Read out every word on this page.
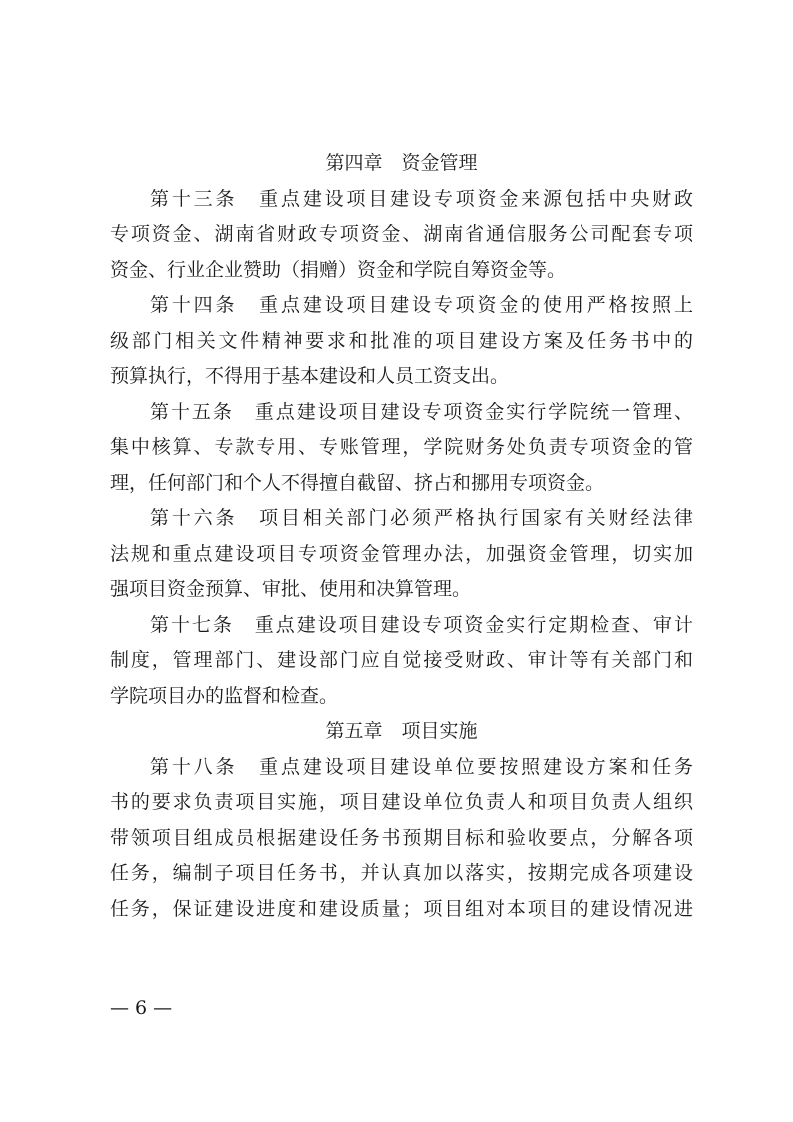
第四章　资金管理
第十三条　重点建设项目建设专项资金来源包括中央财政
专项资金、湖南省财政专项资金、湖南省通信服务公司配套专项
资金、行业企业赞助（捐赠）资金和学院自筹资金等。
第十四条　重点建设项目建设专项资金的使用严格按照上
级部门相关文件精神要求和批准的项目建设方案及任务书中的
预算执行，不得用于基本建设和人员工资支出。
第十五条　重点建设项目建设专项资金实行学院统一管理、
集中核算、专款专用、专账管理，学院财务处负责专项资金的管
理，任何部门和个人不得擅自截留、挤占和挪用专项资金。
第十六条　项目相关部门必须严格执行国家有关财经法律
法规和重点建设项目专项资金管理办法，加强资金管理，切实加
强项目资金预算、审批、使用和决算管理。
第十七条　重点建设项目建设专项资金实行定期检查、审计
制度，管理部门、建设部门应自觉接受财政、审计等有关部门和
学院项目办的监督和检查。
第五章　项目实施
第十八条　重点建设项目建设单位要按照建设方案和任务
书的要求负责项目实施，项目建设单位负责人和项目负责人组织
带领项目组成员根据建设任务书预期目标和验收要点，分解各项
任务，编制子项目任务书，并认真加以落实，按期完成各项建设
任务，保证建设进度和建设质量；项目组对本项目的建设情况进
— 6 —
